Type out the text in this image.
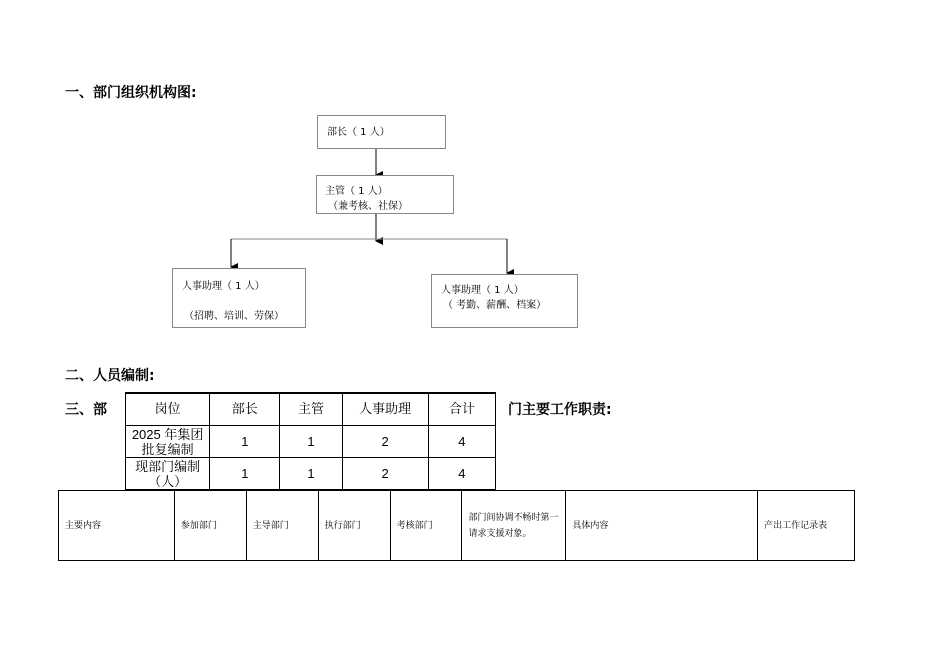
一、部门组织机构图:
部长（ 1 人）
主管（ 1 人）
（兼考核、社保）
人事助理（ 1 人）
（招聘、培训、劳保）
人事助理（ 1 人）
（ 考勤、薪酬、档案）
二、人员编制:
三、部	门主要工作职责:
岗位	部长	主管	人事助理	合计
2025 年集团批复编制	1	1	2	4
现部门编制（人）	1	1	2	4
主要内容	参加部门	主导部门	执行部门	考核部门	部门间协调不畅时第一请求支援对象。	具体内容	产出工作记录表
